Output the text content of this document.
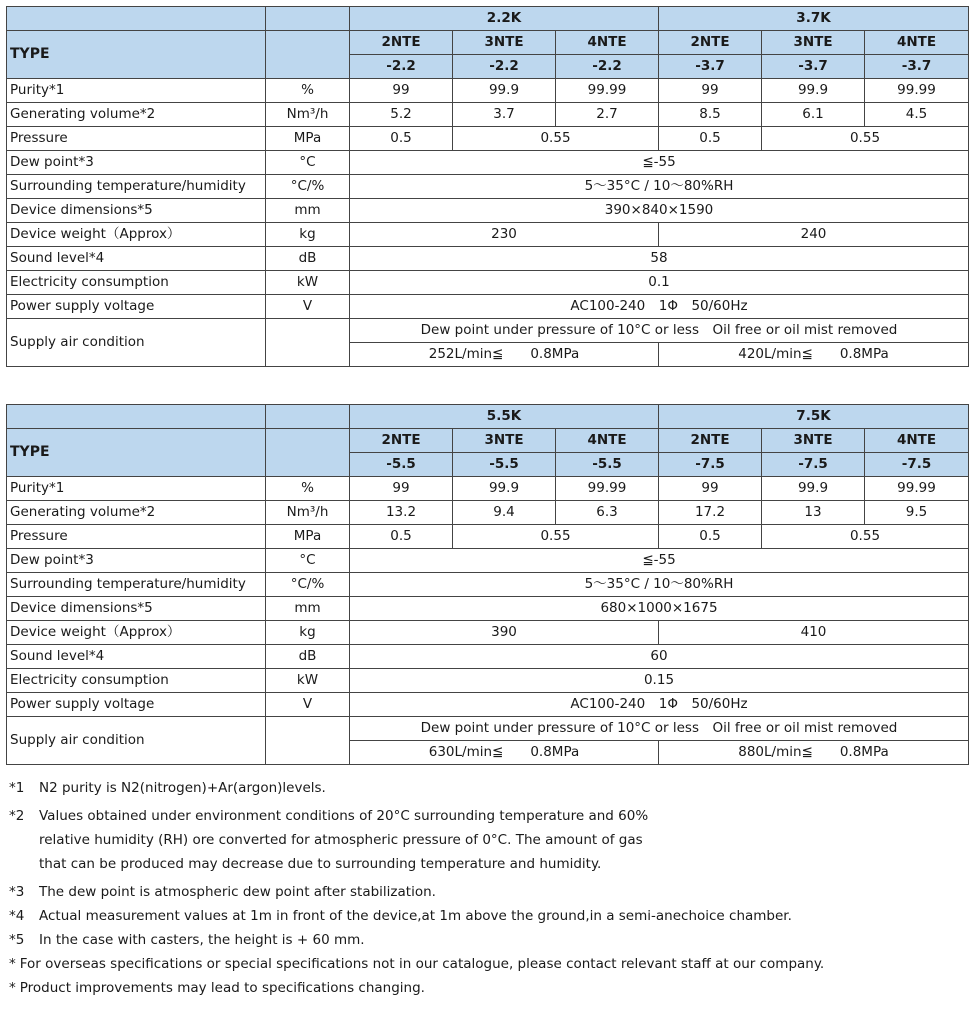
		2.2K			3.7K		
TYPE		2NTE	3NTE	4NTE	2NTE	3NTE	4NTE
		-2.2	-2.2	-2.2	-3.7	-3.7	-3.7
Purity*1	%	99	99.9	99.99	99	99.9	99.99
Generating volume*2	Nm³/h	5.2	3.7	2.7	8.5	6.1	4.5
Pressure	MPa	0.5	0.55		0.5	0.55	
Dew point*3	°C	≦-55					
Surrounding temperature/humidity	°C/%	5～35°C / 10～80%RH					
Device dimensions*5	mm	390×840×1590					
Device weight（Approx）	kg	230			240		
Sound level*4	dB	58					
Electricity consumption	kW	0.1					
Power supply voltage	V	AC100-240　1Φ　50/60Hz					
Supply air condition		Dew point under pressure of 10°C or less　Oil free or oil mist removed					
		252L/min≦　　0.8MPa			420L/min≦　　0.8MPa		
		5.5K			7.5K		
TYPE		2NTE	3NTE	4NTE	2NTE	3NTE	4NTE
		-5.5	-5.5	-5.5	-7.5	-7.5	-7.5
Purity*1	%	99	99.9	99.99	99	99.9	99.99
Generating volume*2	Nm³/h	13.2	9.4	6.3	17.2	13	9.5
Pressure	MPa	0.5	0.55		0.5	0.55	
Dew point*3	°C	≦-55					
Surrounding temperature/humidity	°C/%	5～35°C / 10～80%RH					
Device dimensions*5	mm	680×1000×1675					
Device weight（Approx）	kg	390			410		
Sound level*4	dB	60					
Electricity consumption	kW	0.15					
Power supply voltage	V	AC100-240　1Φ　50/60Hz					
Supply air condition		Dew point under pressure of 10°C or less　Oil free or oil mist removed					
		630L/min≦　　0.8MPa			880L/min≦　　0.8MPa		
*1	N2 purity is N2(nitrogen)+Ar(argon)levels.
*2	Values obtained under environment conditions of 20°C surrounding temperature and 60%
relative humidity (RH) ore converted for atmospheric pressure of 0°C. The amount of gas
that can be produced may decrease due to surrounding temperature and humidity.
*3	The dew point is atmospheric dew point after stabilization.
*4	Actual measurement values at 1m in front of the device,at 1m above the ground,in a semi-anechoice chamber.
*5	In the case with casters, the height is + 60 mm.
* For overseas specifications or special specifications not in our catalogue, please contact relevant staff at our company.
* Product improvements may lead to specifications changing.
